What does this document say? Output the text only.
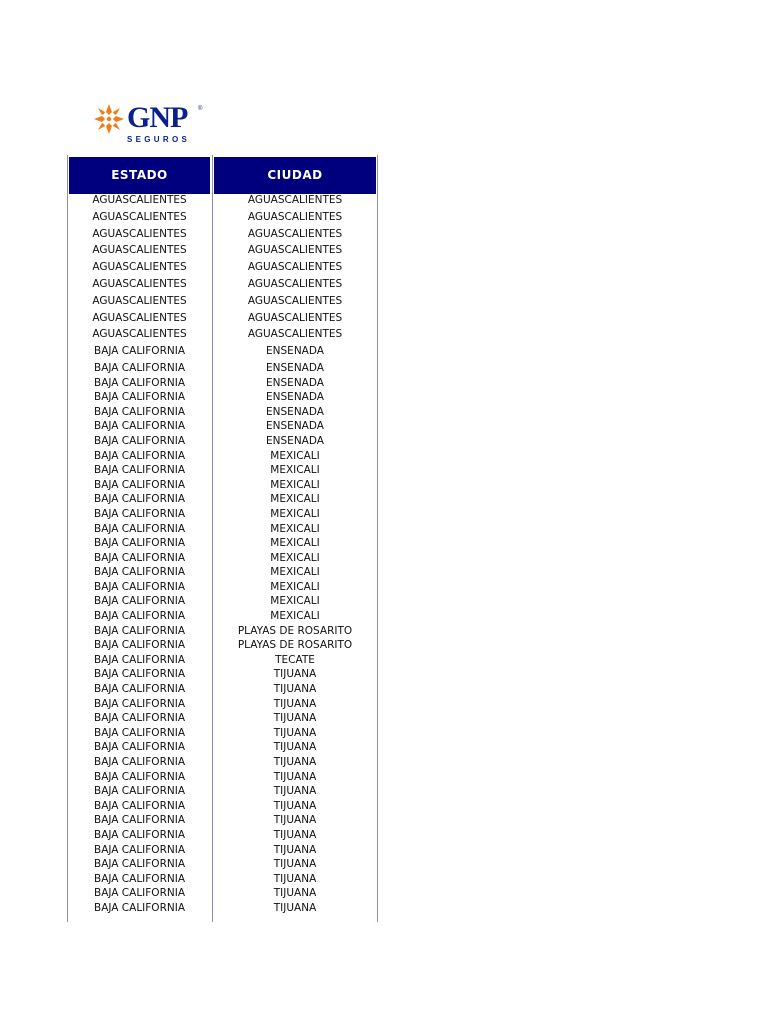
GNP ®
SEGUROS
ESTADO	CIUDAD
AGUASCALIENTES	AGUASCALIENTES
AGUASCALIENTES	AGUASCALIENTES
AGUASCALIENTES	AGUASCALIENTES
AGUASCALIENTES	AGUASCALIENTES
AGUASCALIENTES	AGUASCALIENTES
AGUASCALIENTES	AGUASCALIENTES
AGUASCALIENTES	AGUASCALIENTES
AGUASCALIENTES	AGUASCALIENTES
AGUASCALIENTES	AGUASCALIENTES
BAJA CALIFORNIA	ENSENADA
BAJA CALIFORNIA	ENSENADA
BAJA CALIFORNIA	ENSENADA
BAJA CALIFORNIA	ENSENADA
BAJA CALIFORNIA	ENSENADA
BAJA CALIFORNIA	ENSENADA
BAJA CALIFORNIA	ENSENADA
BAJA CALIFORNIA	MEXICALI
BAJA CALIFORNIA	MEXICALI
BAJA CALIFORNIA	MEXICALI
BAJA CALIFORNIA	MEXICALI
BAJA CALIFORNIA	MEXICALI
BAJA CALIFORNIA	MEXICALI
BAJA CALIFORNIA	MEXICALI
BAJA CALIFORNIA	MEXICALI
BAJA CALIFORNIA	MEXICALI
BAJA CALIFORNIA	MEXICALI
BAJA CALIFORNIA	MEXICALI
BAJA CALIFORNIA	MEXICALI
BAJA CALIFORNIA	PLAYAS DE ROSARITO
BAJA CALIFORNIA	PLAYAS DE ROSARITO
BAJA CALIFORNIA	TECATE
BAJA CALIFORNIA	TIJUANA
BAJA CALIFORNIA	TIJUANA
BAJA CALIFORNIA	TIJUANA
BAJA CALIFORNIA	TIJUANA
BAJA CALIFORNIA	TIJUANA
BAJA CALIFORNIA	TIJUANA
BAJA CALIFORNIA	TIJUANA
BAJA CALIFORNIA	TIJUANA
BAJA CALIFORNIA	TIJUANA
BAJA CALIFORNIA	TIJUANA
BAJA CALIFORNIA	TIJUANA
BAJA CALIFORNIA	TIJUANA
BAJA CALIFORNIA	TIJUANA
BAJA CALIFORNIA	TIJUANA
BAJA CALIFORNIA	TIJUANA
BAJA CALIFORNIA	TIJUANA
BAJA CALIFORNIA	TIJUANA
